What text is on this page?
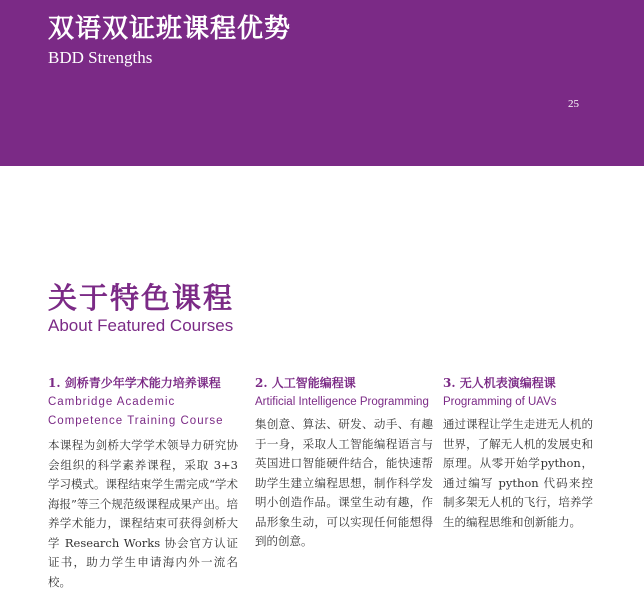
双语双证班课程优势
BDD Strengths
25
关于特色课程
About Featured Courses
1. 剑桥青少年学术能力培养课程
Cambridge Academic Competence Training Course
本课程为剑桥大学学术领导力研究协会组织的科学素养课程，采取 3+3 学习模式。课程结束学生需完成“学术海报”等三个规范级课程成果产出。培养学术能力，课程结束可获得剑桥大学 Research Works 协会官方认证证书，助力学生申请海内外一流名校。
2. 人工智能编程课
Artificial Intelligence Programming
集创意、算法、研发、动手、有趣于一身，采取人工智能编程语言与英国进口智能硬件结合，能快速帮助学生建立编程思想，制作科学发明小创造作品。课堂生动有趣，作品形象生动，可以实现任何能想得到的创意。
3. 无人机表演编程课
Programming of UAVs
通过课程让学生走进无人机的世界，了解无人机的发展史和原理。从零开始学python，通过编写 python 代码来控制多架无人机的飞行，培养学生的编程思维和创新能力。
